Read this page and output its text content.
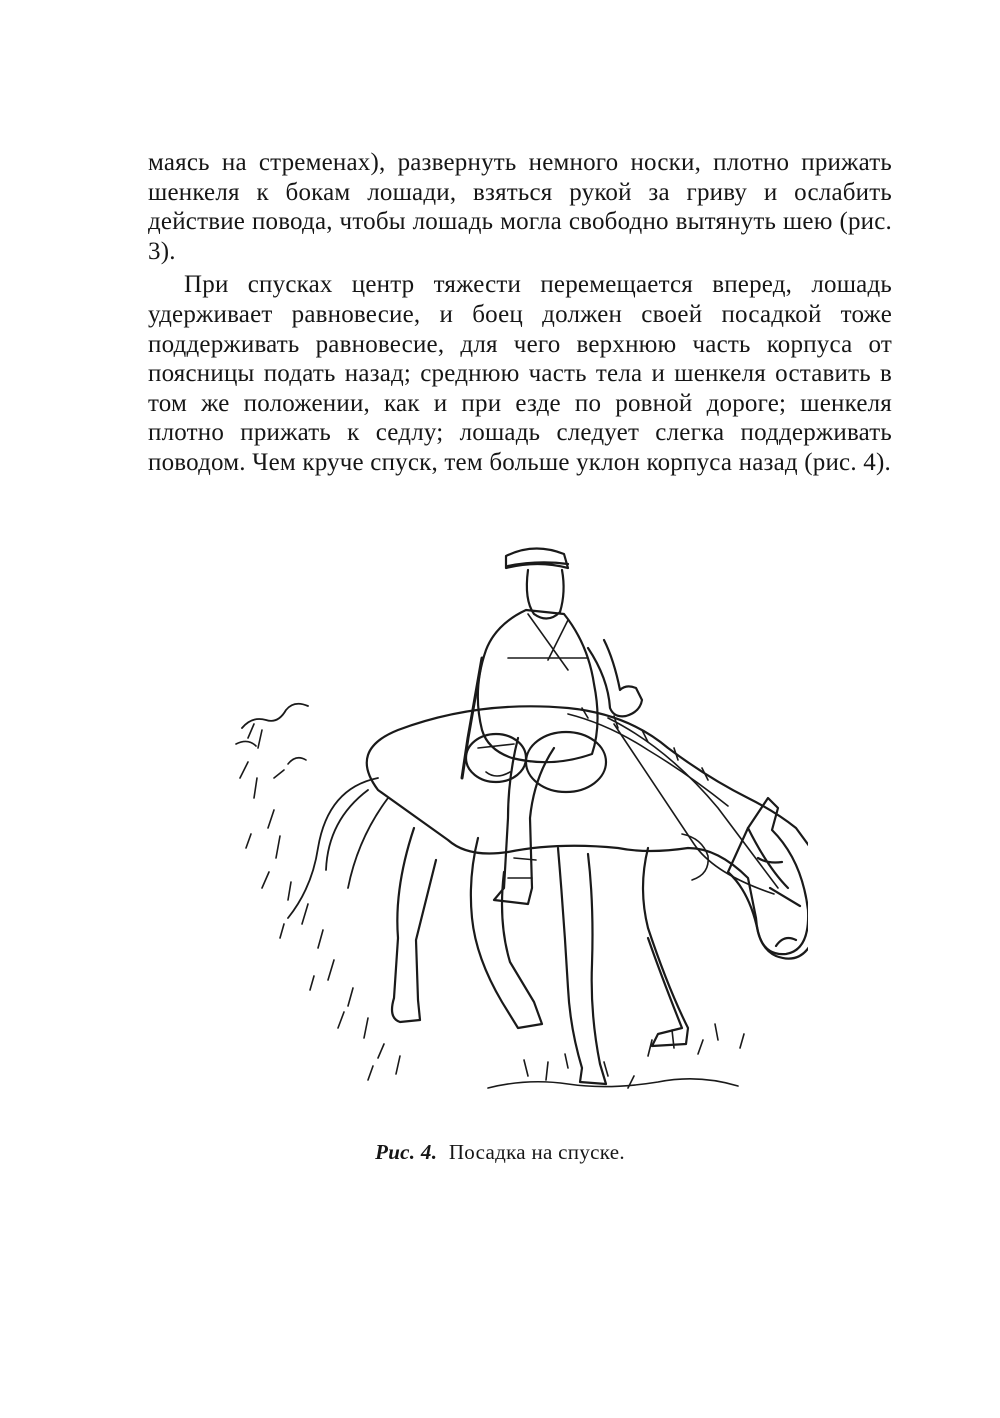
маясь на стременах), развернуть немного носки, плотно прижать шенкеля к бокам лошади, взяться рукой за гриву и ослабить действие повода, чтобы лошадь могла свободно вытянуть шею (рис. 3).

При спусках центр тяжести перемещается вперед, лошадь удерживает равновесие, и боец должен своей посадкой тоже поддерживать равновесие, для чего верхнюю часть корпуса от поясницы подать назад; среднюю часть тела и шенкеля оставить в том же положении, как и при езде по ровной дороге; шенкеля плотно прижать к седлу; лошадь следует слегка поддерживать поводом. Чем круче спуск, тем больше уклон корпуса назад (рис. 4).

Рис. 4. Посадка на спуске.
